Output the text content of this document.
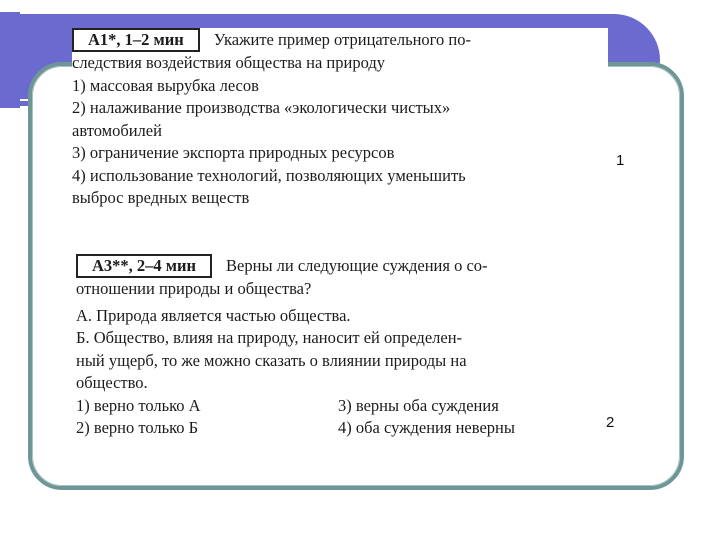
А1*, 1–2 мин Укажите пример отрицательного по-
следствия воздействия общества на природу
1) массовая вырубка лесов
2) налаживание производства «экологически чистых»
автомобилей
3) ограничение экспорта природных ресурсов
4) использование технологий, позволяющих уменьшить
выброс вредных веществ
1
А3**, 2–4 мин Верны ли следующие суждения о со-
отношении природы и общества?
А. Природа является частью общества.
Б. Общество, влияя на природу, наносит ей определен-
ный ущерб, то же можно сказать о влиянии природы на
общество.
1) верно только А	3) верны оба суждения
2) верно только Б	4) оба суждения неверны	2
